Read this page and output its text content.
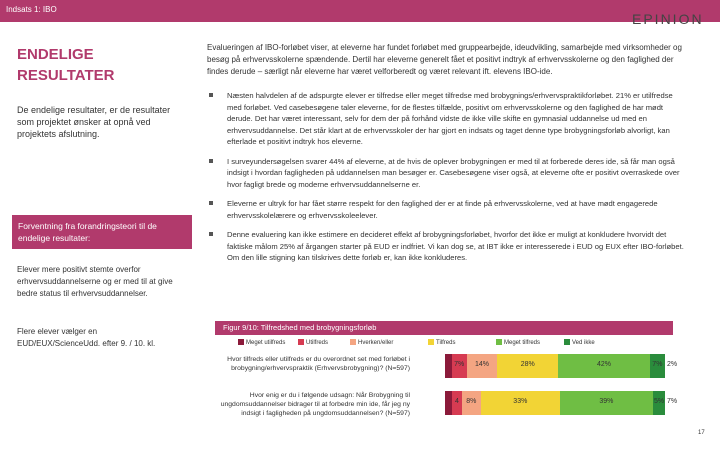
Indsats 1: IBO
EPINION
ENDELIGE
RESULTATER
De endelige resultater, er de resultater som projektet ønsker at opnå ved projektets afslutning.
Forventning fra forandringsteori til de endelige resultater:
Elever mere positivt stemte overfor erhvervsuddannelserne og er med til at give bedre status til erhvervsuddannelser.
Flere elever vælger en EUD/EUX/ScienceUdd. efter 9. / 10. kl.
Evalueringen af IBO-forløbet viser, at eleverne har fundet forløbet med gruppearbejde, ideudvikling, samarbejde med virksomheder og besøg på erhvervsskolerne spændende. Dertil har eleverne generelt fået et positivt indtryk af erhvervsskolerne og den faglighed der findes derude – særligt når eleverne har været velforberedt og været relevant ift. elevens IBO-ide.
Næsten halvdelen af de adspurgte elever er tilfredse eller meget tilfredse med brobygnings/erhvervspraktikforløbet. 21% er utilfredse med forløbet. Ved casebesøgene taler eleverne, for de flestes tilfælde, positivt om erhvervsskolerne og den faglighed de har mødt derude. Det har været interessant, selv for dem der på forhånd vidste de ikke ville skifte en gymnasial uddannelse ud med en erhvervsuddannelse. Det står klart at de erhvervsskoler der har gjort en indsats og taget denne type brobygningsforløb alvorligt, kan efterlade et positivt indtryk hos eleverne.
I surveyundersøgelsen svarer 44% af eleverne, at de hvis de oplever brobygningen er med til at forberede deres ide, så får man også indsigt i hvordan fagligheden på uddannelsen man besøger er. Casebesøgene viser også, at eleverne ofte er positivt overraskede over hvor fagligt brede og moderne erhvervsuddannelserne er.
Eleverne er ultryk for har fået større respekt for den faglighed der er at finde på erhvervsskolerne, ved at have mødt engagerede erhvervsskolelærere og erhvervsskoleelever.
Denne evaluering kan ikke estimere en decideret effekt af brobygningsforløbet, hvorfor det ikke er muligt at konkludere hvorvidt det faktiske målom 25% af årgangen starter på EUD er indfriet. Vi kan dog se, at IBT ikke er interesserede i EUD og EUX efter IBO-forløbet. Om den lille stigning kan tilskrives dette forløb er, kan ikke konkluderes.
Figur 9/10: Tilfredshed med brobygningsforløb
Meget utilfreds	Utilfreds	Hverken/eller	Tilfreds	Meget tilfreds	Ved ikke
Hvor tilfreds eller utilfreds er du overordnet set med forløbet i brobygning/erhvervspraktik (Erhvervsbrobygning)? (N=597)
Hvor enig er du i følgende udsagn: Når Brobygning til ungdomsuddannelser bidrager til at forbedre min ide, får jeg ny indsigt i fagligheden på ungdomsuddannelsen? (N=597)
7%	14%	28%	42%	7% 2%
4	8%	33%	39%	5% 7%
17
